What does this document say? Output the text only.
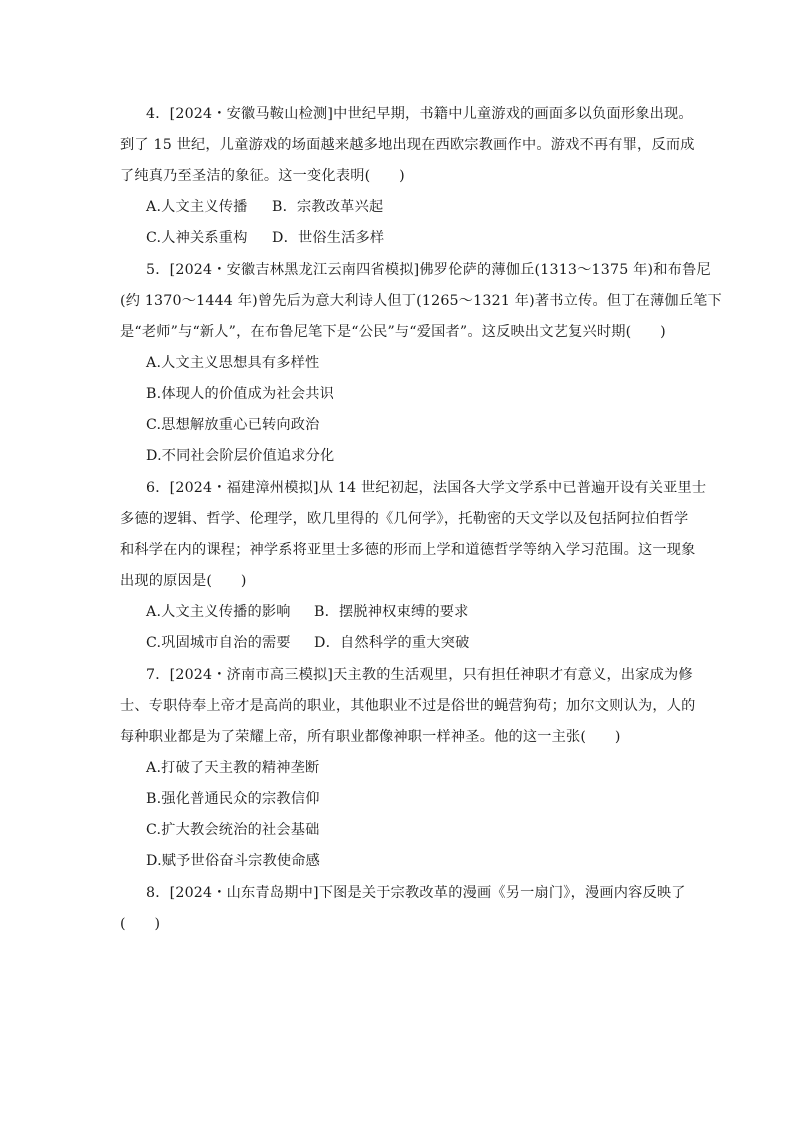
4．[2024・安徽马鞍山检测]中世纪早期，书籍中儿童游戏的画面多以负面形象出现。
到了 15 世纪，儿童游戏的场面越来越多地出现在西欧宗教画作中。游戏不再有罪，反而成
了纯真乃至圣洁的象征。这一变化表明(　　)
A.人文主义传播 B．宗教改革兴起
C.人神关系重构 D．世俗生活多样
5．[2024・安徽吉林黑龙江云南四省模拟]佛罗伦萨的薄伽丘(1313～1375 年)和布鲁尼
(约 1370～1444 年)曾先后为意大利诗人但丁(1265～1321 年)著书立传。但丁在薄伽丘笔下
是“老师”与“新人”，在布鲁尼笔下是“公民”与“爱国者”。这反映出文艺复兴时期(　　)
A.人文主义思想具有多样性
B.体现人的价值成为社会共识
C.思想解放重心已转向政治
D.不同社会阶层价值追求分化
6．[2024・福建漳州模拟]从 14 世纪初起，法国各大学文学系中已普遍开设有关亚里士
多德的逻辑、哲学、伦理学，欧几里得的《几何学》，托勒密的天文学以及包括阿拉伯哲学
和科学在内的课程；神学系将亚里士多德的形而上学和道德哲学等纳入学习范围。这一现象
出现的原因是(　　)
A.人文主义传播的影响 B．摆脱神权束缚的要求
C.巩固城市自治的需要 D．自然科学的重大突破
7．[2024・济南市高三模拟]天主教的生活观里，只有担任神职才有意义，出家成为修
士、专职侍奉上帝才是高尚的职业，其他职业不过是俗世的蝇营狗苟；加尔文则认为，人的
每种职业都是为了荣耀上帝，所有职业都像神职一样神圣。他的这一主张(　　)
A.打破了天主教的精神垄断
B.强化普通民众的宗教信仰
C.扩大教会统治的社会基础
D.赋予世俗奋斗宗教使命感
8．[2024・山东青岛期中]下图是关于宗教改革的漫画《另一扇门》，漫画内容反映了
(　　)
